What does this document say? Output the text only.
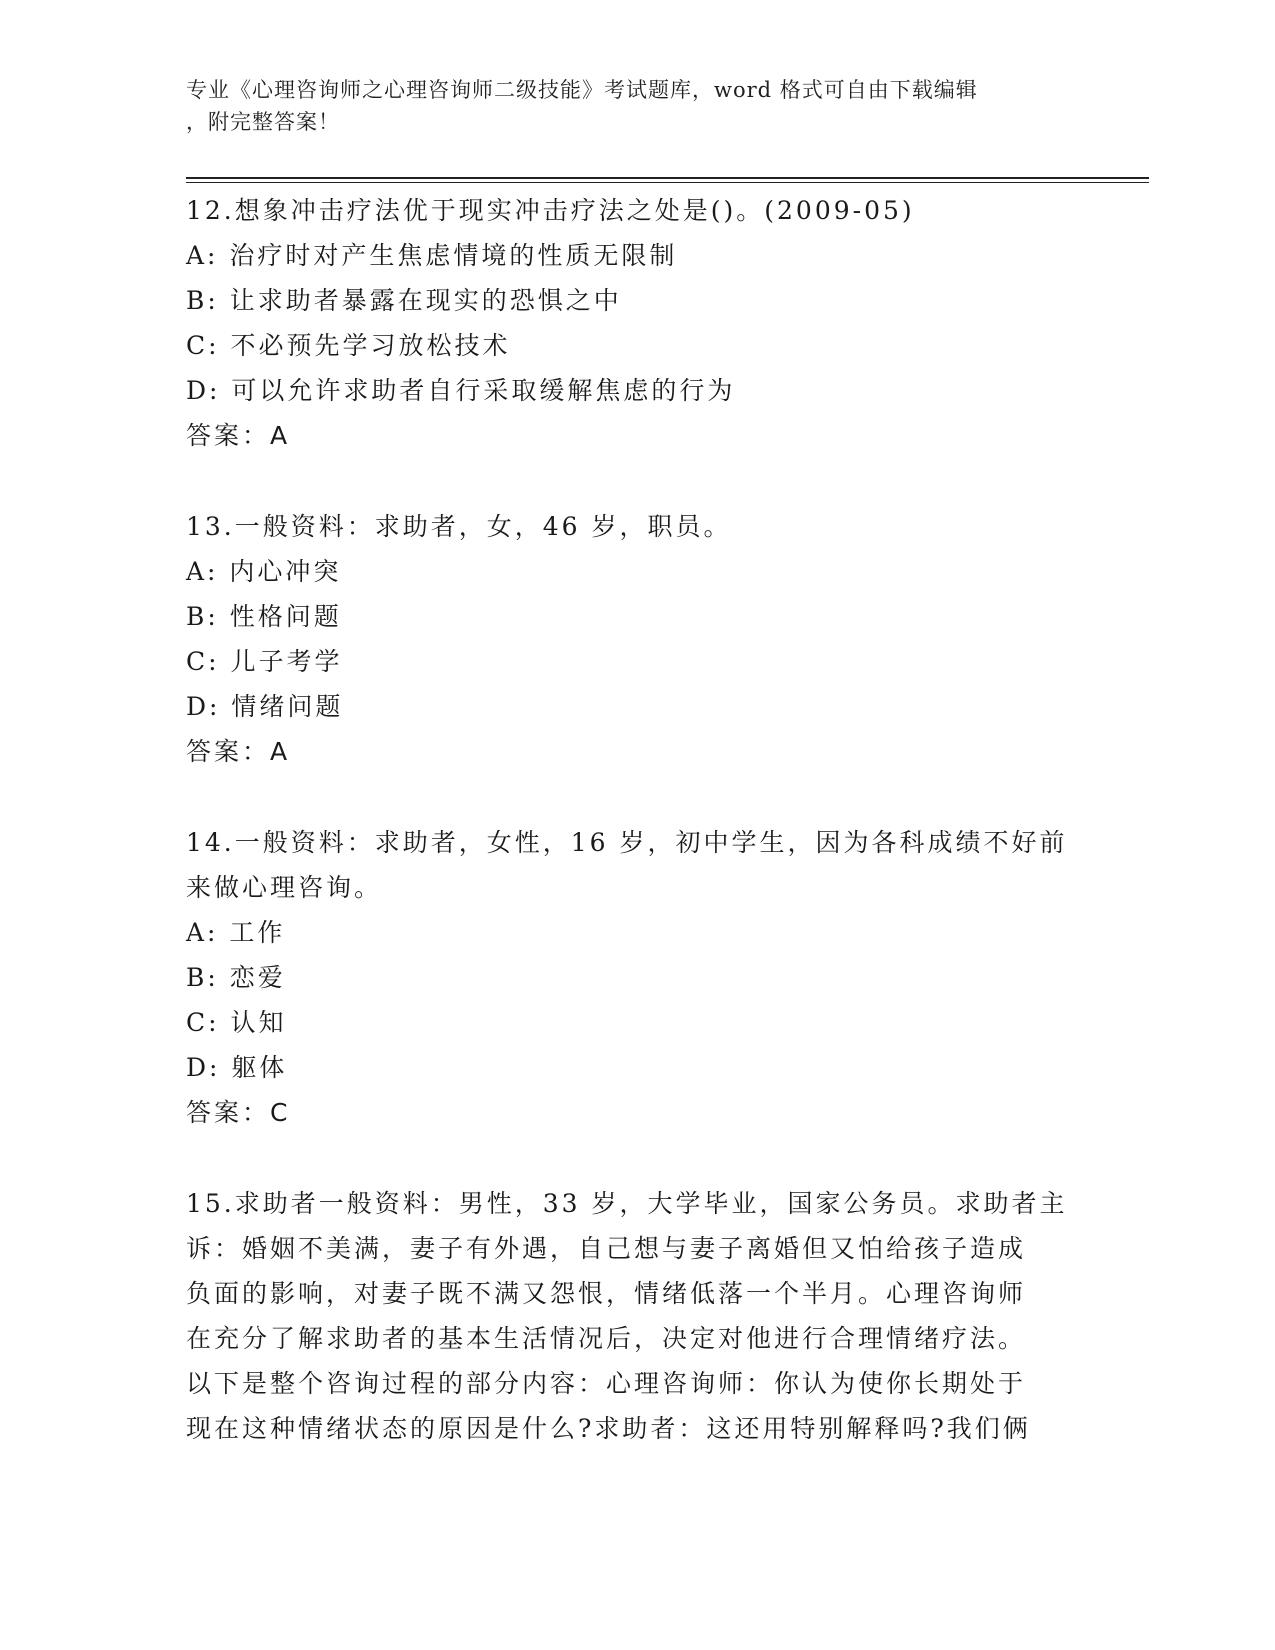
专业《心理咨询师之心理咨询师二级技能》考试题库，word 格式可自由下载编辑
，附完整答案！
12.想象冲击疗法优于现实冲击疗法之处是()。(2009-05)
A: 治疗时对产生焦虑情境的性质无限制
B: 让求助者暴露在现实的恐惧之中
C: 不必预先学习放松技术
D: 可以允许求助者自行采取缓解焦虑的行为
答案：A
13.一般资料：求助者，女，46 岁，职员。
A: 内心冲突
B: 性格问题
C: 儿子考学
D: 情绪问题
答案：A
14.一般资料：求助者，女性，16 岁，初中学生，因为各科成绩不好前
来做心理咨询。
A: 工作
B: 恋爱
C: 认知
D: 躯体
答案：C
15.求助者一般资料：男性，33 岁，大学毕业，国家公务员。求助者主
诉：婚姻不美满，妻子有外遇，自己想与妻子离婚但又怕给孩子造成
负面的影响，对妻子既不满又怨恨，情绪低落一个半月。心理咨询师
在充分了解求助者的基本生活情况后，决定对他进行合理情绪疗法。
以下是整个咨询过程的部分内容：心理咨询师：你认为使你长期处于
现在这种情绪状态的原因是什么?求助者：这还用特别解释吗?我们俩
